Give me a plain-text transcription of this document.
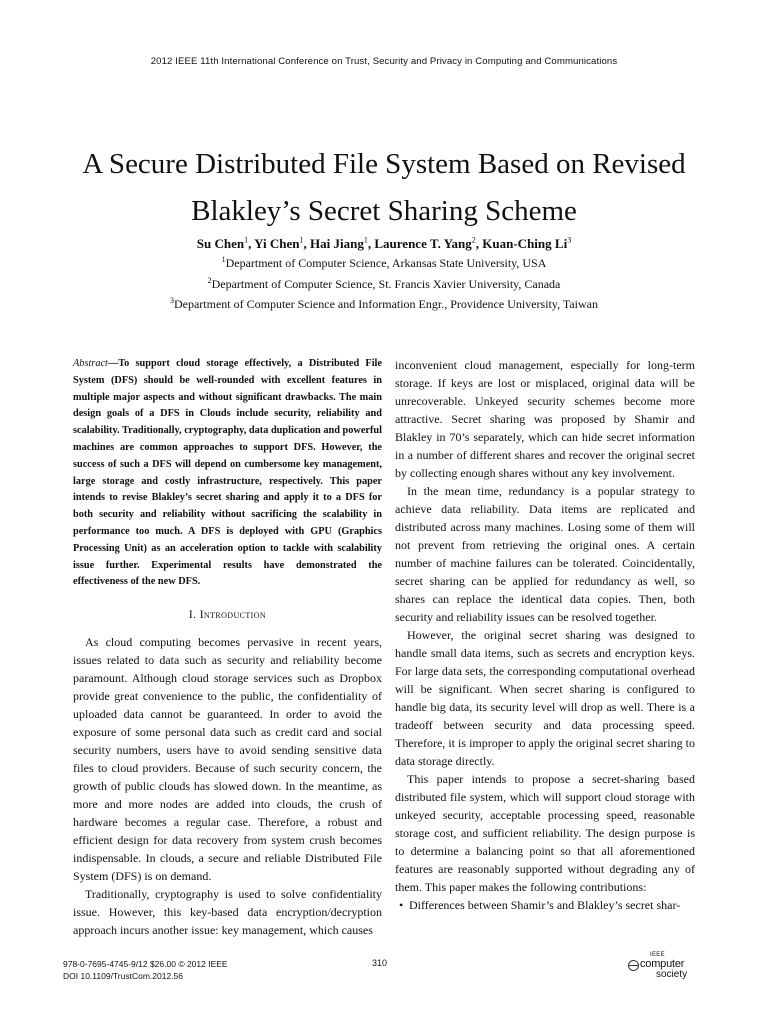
2012 IEEE 11th International Conference on Trust, Security and Privacy in Computing and Communications
A Secure Distributed File System Based on Revised
Blakley’s Secret Sharing Scheme
Su Chen$^1$, Yi Chen$^1$, Hai Jiang$^1$, Laurence T. Yang$^2$, Kuan-Ching Li$^3$
$^1$Department of Computer Science, Arkansas State University, USA
$^2$Department of Computer Science, St. Francis Xavier University, Canada
$^3$Department of Computer Science and Information Engr., Providence University, Taiwan

Abstract—To support cloud storage effectively, a Distributed File System (DFS) should be well-rounded with excellent features in multiple major aspects and without significant drawbacks. The main design goals of a DFS in Clouds include security, reliability and scalability. Traditionally, cryptography, data duplication and powerful machines are common approaches to support DFS. However, the success of such a DFS will depend on cumbersome key management, large storage and costly infrastructure, respectively. This paper intends to revise Blakley’s secret sharing and apply it to a DFS for both security and reliability without sacrificing the scalability in performance too much. A DFS is deployed with GPU (Graphics Processing Unit) as an acceleration option to tackle with scalability issue further. Experimental results have demonstrated the effectiveness of the new DFS.

I. Introduction

As cloud computing becomes pervasive in recent years, issues related to data such as security and reliability become paramount. Although cloud storage services such as Dropbox provide great convenience to the public, the confidentiality of uploaded data cannot be guaranteed. In order to avoid the exposure of some personal data such as credit card and social security numbers, users have to avoid sending sensitive data files to cloud providers. Because of such security concern, the growth of public clouds has slowed down. In the meantime, as more and more nodes are added into clouds, the crush of hardware becomes a regular case. Therefore, a robust and efficient design for data recovery from system crush becomes indispensable. In clouds, a secure and reliable Distributed File System (DFS) is on demand.

Traditionally, cryptography is used to solve confidentiality issue. However, this key-based data encryption/decryption approach incurs another issue: key management, which causes

inconvenient cloud management, especially for long-term storage. If keys are lost or misplaced, original data will be unrecoverable. Unkeyed security schemes become more attractive. Secret sharing was proposed by Shamir and Blakley in 70’s separately, which can hide secret information in a number of different shares and recover the original secret by collecting enough shares without any key involvement.

In the mean time, redundancy is a popular strategy to achieve data reliability. Data items are replicated and distributed across many machines. Losing some of them will not prevent from retrieving the original ones. A certain number of machine failures can be tolerated. Coincidentally, secret sharing can be applied for redundancy as well, so shares can replace the identical data copies. Then, both security and reliability issues can be resolved together.

However, the original secret sharing was designed to handle small data items, such as secrets and encryption keys. For large data sets, the corresponding computational overhead will be significant. When secret sharing is configured to handle big data, its security level will drop as well. There is a tradeoff between security and data processing speed. Therefore, it is improper to apply the original secret sharing to data storage directly.

This paper intends to propose a secret-sharing based distributed file system, which will support cloud storage with unkeyed security, acceptable processing speed, reasonable storage cost, and sufficient reliability. The design purpose is to determine a balancing point so that all aforementioned features are reasonably supported without degrading any of them. This paper makes the following contributions:

• Differences between Shamir’s and Blakley’s secret shar-
978-0-7695-4745-9/12 $26.00 © 2012 IEEE
DOI 10.1109/TrustCom.2012.56
310
IEEE
computer
society
